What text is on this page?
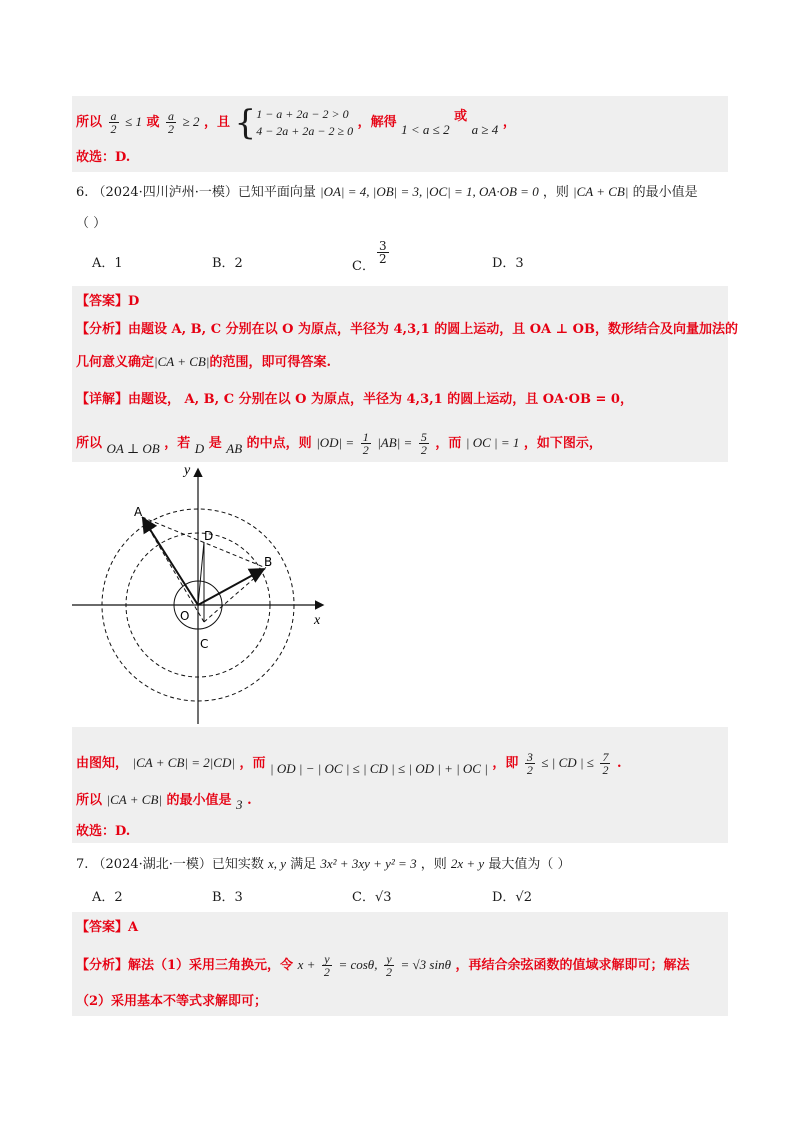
所以 $\frac{a}{2} \le 1$ 或 $\frac{a}{2} \ge 2$ ，且 { 1 − a + 2a − 2 > 0
4 − 2a + 2a − 2 ≥ 0
，解得 1 < a ≤ 2 或 a ≥ 4 ，
故选：D.
6. （2024·四川泸州·一模）已知平面向量 |OA| = 4, |OB| = 3, |OC| = 1, OA·OB = 0 ，则 |CA + CB| 的最小值是
（ ）
A．1	B．2	C．
$\frac{3}{2}$	D．3
【答案】D
【分析】由题设 A, B, C 分别在以 O 为原点，半径为 4,3,1 的圆上运动，且 OA ⊥ OB，数形结合及向量加法的
几何意义确定|CA + CB|的范围，即可得答案.
【详解】由题设， A, B, C 分别在以 O 为原点，半径为 4,3,1 的圆上运动，且 OA·OB = 0，
所以 OA ⊥ OB ，若 D 是 AB 的中点，则 $|OD| = \frac{1}{2} |AB| = \frac{5}{2}$ ，而 | OC | = 1 ，如下图示，
y
x
A
B
C
D
O
由图知， |CA + CB| = 2|CD| ，而 | OD | − | OC | ≤ | CD | ≤ | OD | + | OC | ，即 $\frac{3}{2}$ ≤ | CD | ≤ $\frac{7}{2}$ .
所以 |CA + CB| 的最小值是 3 .
故选：D.
7. （2024·湖北·一模）已知实数 x, y 满足 3x² + 3xy + y² = 3 ，则 2x + y 最大值为（ ）
A．2	B．3	C．√3	D．√2
【答案】A
【分析】解法（1）采用三角换元，令 $x + \frac{y}{2} = \cos\theta$, $\frac{y}{2} = √3$ sinθ ，再结合余弦函数的值域求解即可；解法
（2）采用基本不等式求解即可；
